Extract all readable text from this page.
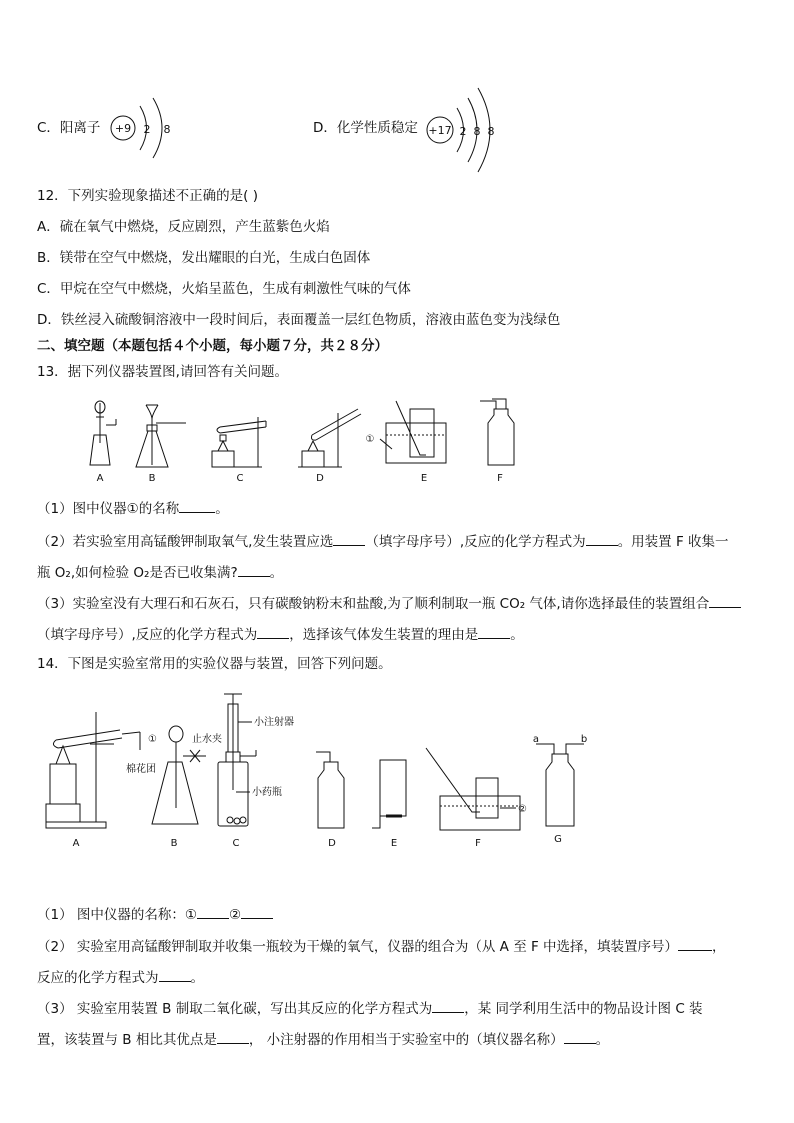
C．阳离子 +9 2 8	D．化学性质稳定 +17 2 8 8
12．下列实验现象描述不正确的是( )
A．硫在氧气中燃烧，反应剧烈，产生蓝紫色火焰
B．镁带在空气中燃烧，发出耀眼的白光，生成白色固体
C．甲烷在空气中燃烧，火焰呈蓝色，生成有刺激性气味的气体
D．铁丝浸入硫酸铜溶液中一段时间后，表面覆盖一层红色物质，溶液由蓝色变为浅绿色
二、填空题（本题包括４个小题，每小题７分，共２８分）
13．据下列仪器装置图,请回答有关问题。
①
A	B	C	D	E	F
（1）图中仪器①的名称	。
（2）若实验室用高锰酸钾制取氧气,发生装置应选 （填字母序号）,反应的化学方程式为 。用装置 F 收集一
瓶 O₂,如何检验 O₂是否已收集满? 。
（3）实验室没有大理石和石灰石，只有碳酸钠粉末和盐酸,为了顺利制取一瓶 CO₂ 气体,请你选择最佳的装置组合
（填字母序号）,反应的化学方程式为 ，选择该气体发生装置的理由是 。
14．下图是实验室常用的实验仪器与装置，回答下列问题。
棉花团
①	止水夹
小注射器
小药瓶
②
a	b
A	B	C	D	E	F	G
（1） 图中仪器的名称：① ②
（2） 实验室用高锰酸钾制取并收集一瓶较为干燥的氧气，仪器的组合为（从 A 至 F 中选择，填装置序号）	，
反应的化学方程式为 。
（3） 实验室用装置 B 制取二氧化碳，写出其反应的化学方程式为 ，某 同学利用生活中的物品设计图 C 装
置，该装置与 B 相比其优点是 ， 小注射器的作用相当于实验室中的（填仪器名称） 。
